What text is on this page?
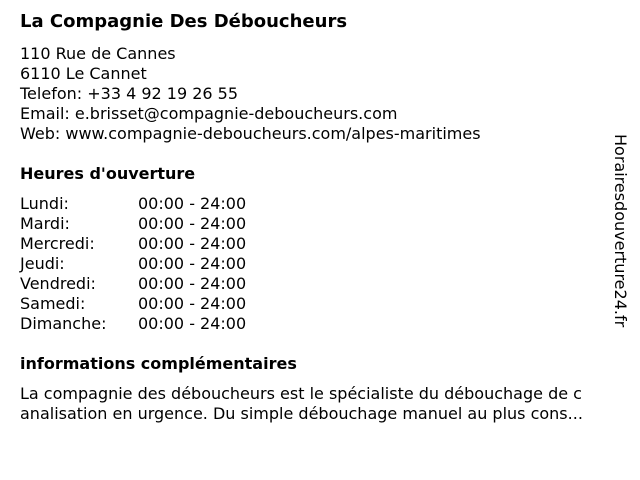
La Compagnie Des Déboucheurs
110 Rue de Cannes
6110 Le Cannet
Telefon: +33 4 92 19 26 55
Email: e.brisset@compagnie-deboucheurs.com
Web: www.compagnie-deboucheurs.com/alpes-maritimes
Heures d'ouverture
Lundi:	00:00 - 24:00
Mardi:	00:00 - 24:00
Mercredi:	00:00 - 24:00
Jeudi:	00:00 - 24:00
Vendredi:	00:00 - 24:00
Samedi:	00:00 - 24:00
Dimanche: 00:00 - 24:00
informations complémentaires
La compagnie des déboucheurs est le spécialiste du débouchage de c
analisation en urgence. Du simple débouchage manuel au plus cons...
Horairesdouverture24.fr
